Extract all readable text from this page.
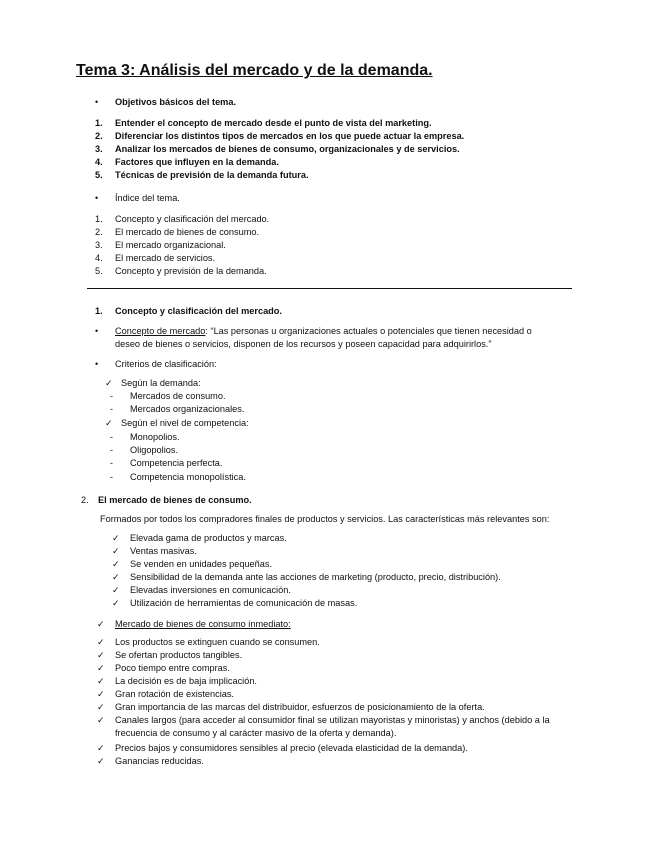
Tema 3: Análisis del mercado y de la demanda.
• Objetivos básicos del tema.
1. Entender el concepto de mercado desde el punto de vista del marketing.
2. Diferenciar los distintos tipos de mercados en los que puede actuar la empresa.
3. Analizar los mercados de bienes de consumo, organizacionales y de servicios.
4. Factores que influyen en la demanda.
5. Técnicas de previsión de la demanda futura.
• Índice del tema.
1. Concepto y clasificación del mercado.
2. El mercado de bienes de consumo.
3. El mercado organizacional.
4. El mercado de servicios.
5. Concepto y previsión de la demanda.
1. Concepto y clasificación del mercado.
• Concepto de mercado: “Las personas u organizaciones actuales o potenciales que tienen necesidad o
deseo de bienes o servicios, disponen de los recursos y poseen capacidad para adquirirlos.”
• Criterios de clasificación:
✓ Según la demanda:
- Mercados de consumo.
- Mercados organizacionales.
✓ Según el nivel de competencia:
- Monopolios.
- Oligopolios.
- Competencia perfecta.
- Competencia monopolística.
2. El mercado de bienes de consumo.
Formados por todos los compradores finales de productos y servicios. Las características más relevantes son:
✓ Elevada gama de productos y marcas.
✓ Ventas masivas.
✓ Se venden en unidades pequeñas.
✓ Sensibilidad de la demanda ante las acciones de marketing (producto, precio, distribución).
✓ Elevadas inversiones en comunicación.
✓ Utilización de herramientas de comunicación de masas.
✓ Mercado de bienes de consumo inmediato:
✓ Los productos se extinguen cuando se consumen.
✓ Se ofertan productos tangibles.
✓ Poco tiempo entre compras.
✓ La decisión es de baja implicación.
✓ Gran rotación de existencias.
✓ Gran importancia de las marcas del distribuidor, esfuerzos de posicionamiento de la oferta.
✓ Canales largos (para acceder al consumidor final se utilizan mayoristas y minoristas) y anchos (debido a la
frecuencia de consumo y al carácter masivo de la oferta y demanda).
✓ Precios bajos y consumidores sensibles al precio (elevada elasticidad de la demanda).
✓ Ganancias reducidas.
